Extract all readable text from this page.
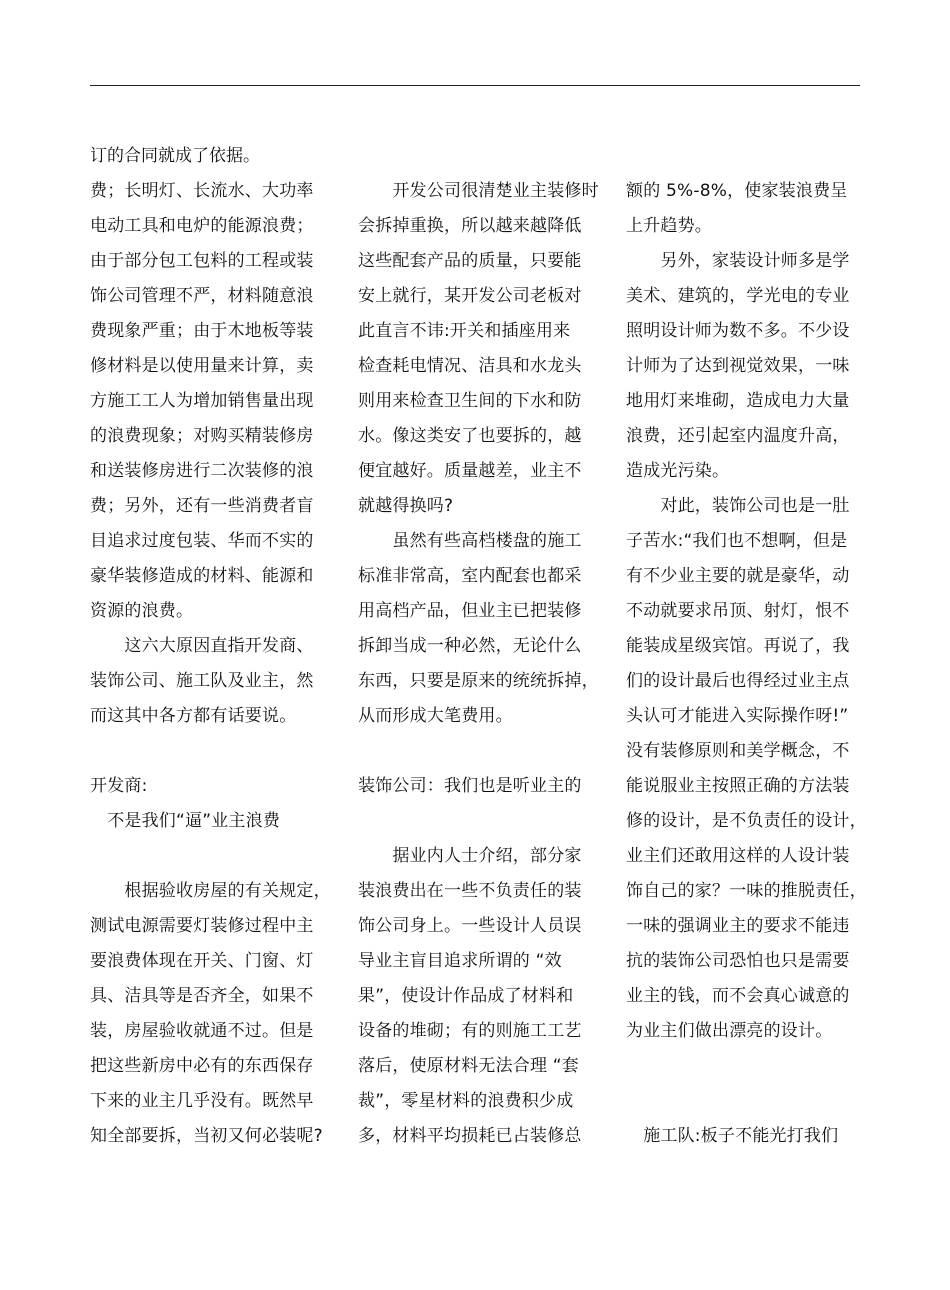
订的合同就成了依据。
费；长明灯、长流水、大功率
电动工具和电炉的能源浪费；
由于部分包工包料的工程或装
饰公司管理不严，材料随意浪
费现象严重；由于木地板等装
修材料是以使用量来计算，卖
方施工工人为增加销售量出现
的浪费现象；对购买精装修房
和送装修房进行二次装修的浪
费；另外，还有一些消费者盲
目追求过度包装、华而不实的
豪华装修造成的材料、能源和
资源的浪费。
　　这六大原因直指开发商、
装饰公司、施工队及业主，然
而这其中各方都有话要说。
开发商:
　不是我们“逼”业主浪费
　　根据验收房屋的有关规定，
测试电源需要灯装修过程中主
要浪费体现在开关、门窗、灯
具、洁具等是否齐全，如果不
装，房屋验收就通不过。但是
把这些新房中必有的东西保存
下来的业主几乎没有。既然早
知全部要拆，当初又何必装呢?
　　开发公司很清楚业主装修时
会拆掉重换，所以越来越降低
这些配套产品的质量，只要能
安上就行，某开发公司老板对
此直言不讳:开关和插座用来
检查耗电情况、洁具和水龙头
则用来检查卫生间的下水和防
水。像这类安了也要拆的，越
便宜越好。质量越差，业主不
就越得换吗?
　　虽然有些高档楼盘的施工
标准非常高，室内配套也都采
用高档产品，但业主已把装修
拆卸当成一种必然，无论什么
东西，只要是原来的统统拆掉，
从而形成大笔费用。
装饰公司：我们也是听业主的
　　据业内人士介绍，部分家
装浪费出在一些不负责任的装
饰公司身上。一些设计人员误
导业主盲目追求所谓的 “效
果”，使设计作品成了材料和
设备的堆砌；有的则施工工艺
落后，使原材料无法合理 “套
裁”，零星材料的浪费积少成
多，材料平均损耗已占装修总
额的 5%-8%，使家装浪费呈
上升趋势。
　　另外，家装设计师多是学
美术、建筑的，学光电的专业
照明设计师为数不多。不少设
计师为了达到视觉效果，一味
地用灯来堆砌，造成电力大量
浪费，还引起室内温度升高，
造成光污染。
　　对此，装饰公司也是一肚
子苦水:“我们也不想啊，但是
有不少业主要的就是豪华，动
不动就要求吊顶、射灯，恨不
能装成星级宾馆。再说了，我
们的设计最后也得经过业主点
头认可才能进入实际操作呀!”
没有装修原则和美学概念，不
能说服业主按照正确的方法装
修的设计，是不负责任的设计，
业主们还敢用这样的人设计装
饰自己的家？一味的推脱责任，
一味的强调业主的要求不能违
抗的装饰公司恐怕也只是需要
业主的钱，而不会真心诚意的
为业主们做出漂亮的设计。
　施工队:板子不能光打我们
